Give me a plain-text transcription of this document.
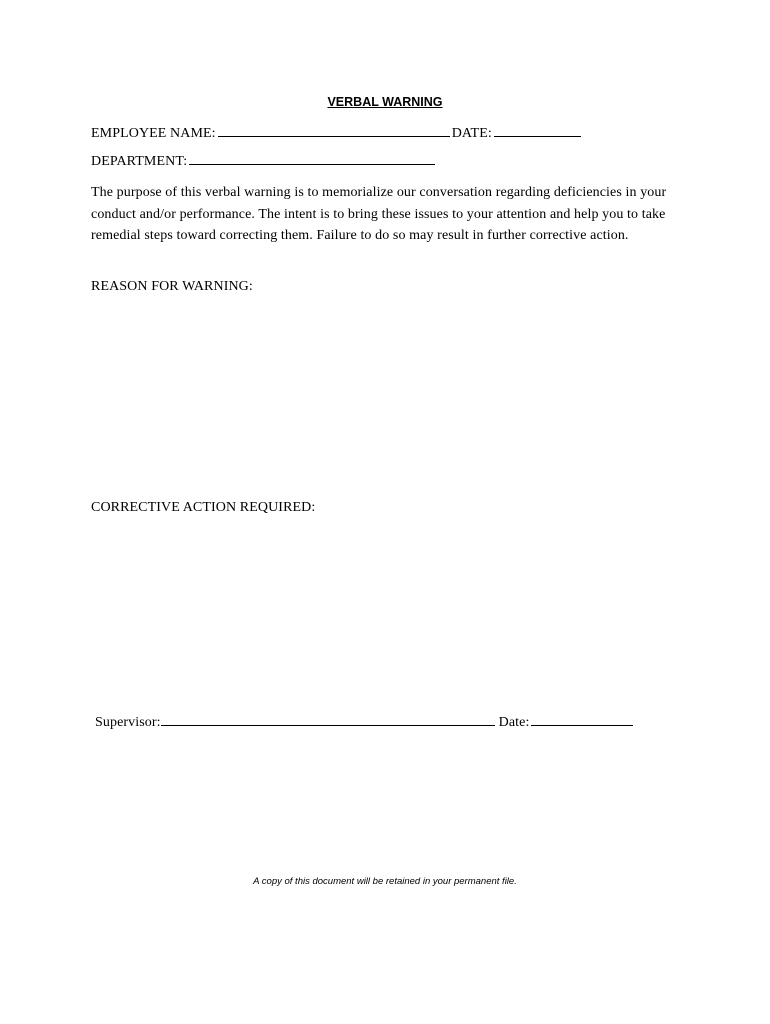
VERBAL WARNING
EMPLOYEE NAME:	DATE:
DEPARTMENT:

The purpose of this verbal warning is to memorialize our conversation regarding deficiencies in your conduct and/or performance. The intent is to bring these issues to your attention and help you to take remedial steps toward correcting them. Failure to do so may result in further corrective action.

REASON FOR WARNING:

CORRECTIVE ACTION REQUIRED:

Supervisor:	Date:

A copy of this document will be retained in your permanent file.
